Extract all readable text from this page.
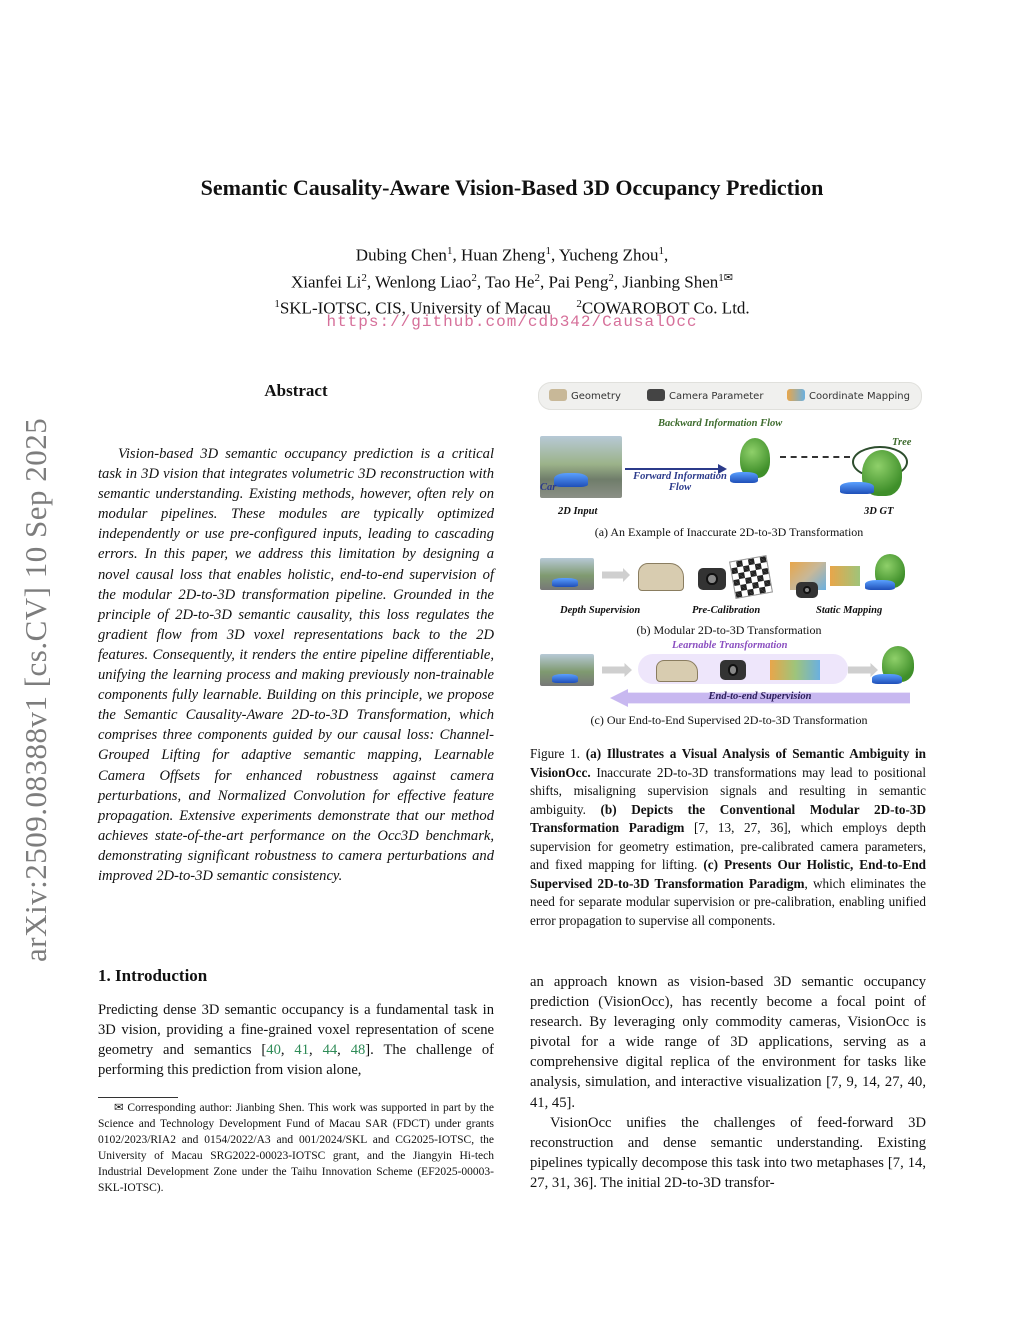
arXiv:2509.08388v1 [cs.CV] 10 Sep 2025
Semantic Causality-Aware Vision-Based 3D Occupancy Prediction
Dubing Chen$^1$, Huan Zheng$^1$, Yucheng Zhou$^1$,
Xianfei Li$^2$, Wenlong Liao$^2$, Tao He$^2$, Pai Peng$^2$, Jianbing Shen$^{1✉}$
$^1$SKL-IOTSC, CIS, University of Macau $^2$COWAROBOT Co. Ltd.
https://github.com/cdb342/CausalOcc
Abstract
Vision-based 3D semantic occupancy prediction is a critical task in 3D vision that integrates volumetric 3D reconstruction with semantic understanding. Existing methods, however, often rely on modular pipelines. These modules are typically optimized independently or use pre-configured inputs, leading to cascading errors. In this paper, we address this limitation by designing a novel causal loss that enables holistic, end-to-end supervision of the modular 2D-to-3D transformation pipeline. Grounded in the principle of 2D-to-3D semantic causality, this loss regulates the gradient flow from 3D voxel representations back to the 2D features. Consequently, it renders the entire pipeline differentiable, unifying the learning process and making previously non-trainable components fully learnable. Building on this principle, we propose the Semantic Causality-Aware 2D-to-3D Transformation, which comprises three components guided by our causal loss: Channel-Grouped Lifting for adaptive semantic mapping, Learnable Camera Offsets for enhanced robustness against camera perturbations, and Normalized Convolution for effective feature propagation. Extensive experiments demonstrate that our method achieves state-of-the-art performance on the Occ3D benchmark, demonstrating significant robustness to camera perturbations and improved 2D-to-3D semantic consistency.
1. Introduction
Predicting dense 3D semantic occupancy is a fundamental task in 3D vision, providing a fine-grained voxel representation of scene geometry and semantics [40, 41, 44, 48]. The challenge of performing this prediction from vision alone,
✉ Corresponding author: Jianbing Shen. This work was supported in part by the Science and Technology Development Fund of Macau SAR (FDCT) under grants 0102/2023/RIA2 and 0154/2022/A3 and 001/2024/SKL and CG2025-IOTSC, the University of Macau SRG2022-00023-IOTSC grant, and the Jiangyin Hi-tech Industrial Development Zone under the Taihu Innovation Scheme (EF2025-00003-SKL-IOTSC).
Geometry	Camera Parameter	Coordinate Mapping
Backward Information Flow
Car
Forward Information Flow
Tree
2D Input	3D GT
(a) An Example of Inaccurate 2D-to-3D Transformation
Depth Supervision	Pre-Calibration	Static Mapping
(b) Modular 2D-to-3D Transformation
Learnable Transformation
End-to-end Supervision
(c) Our End-to-End Supervised 2D-to-3D Transformation
Figure 1. (a) Illustrates a Visual Analysis of Semantic Ambiguity in VisionOcc. Inaccurate 2D-to-3D transformations may lead to positional shifts, misaligning supervision signals and resulting in semantic ambiguity. (b) Depicts the Conventional Modular 2D-to-3D Transformation Paradigm [7, 13, 27, 36], which employs depth supervision for geometry estimation, pre-calibrated camera parameters, and fixed mapping for lifting. (c) Presents Our Holistic, End-to-End Supervised 2D-to-3D Transformation Paradigm, which eliminates the need for separate modular supervision or pre-calibration, enabling unified error propagation to supervise all components.

an approach known as vision-based 3D semantic occupancy prediction (VisionOcc), has recently become a focal point of research. By leveraging only commodity cameras, VisionOcc is pivotal for a wide range of 3D applications, serving as a comprehensive digital replica of the environment for tasks like analysis, simulation, and interactive visualization [7, 9, 14, 27, 40, 41, 45].

VisionOcc unifies the challenges of feed-forward 3D reconstruction and dense semantic understanding. Existing pipelines typically decompose this task into two metaphases [7, 14, 27, 31, 36]. The initial 2D-to-3D transfor-
